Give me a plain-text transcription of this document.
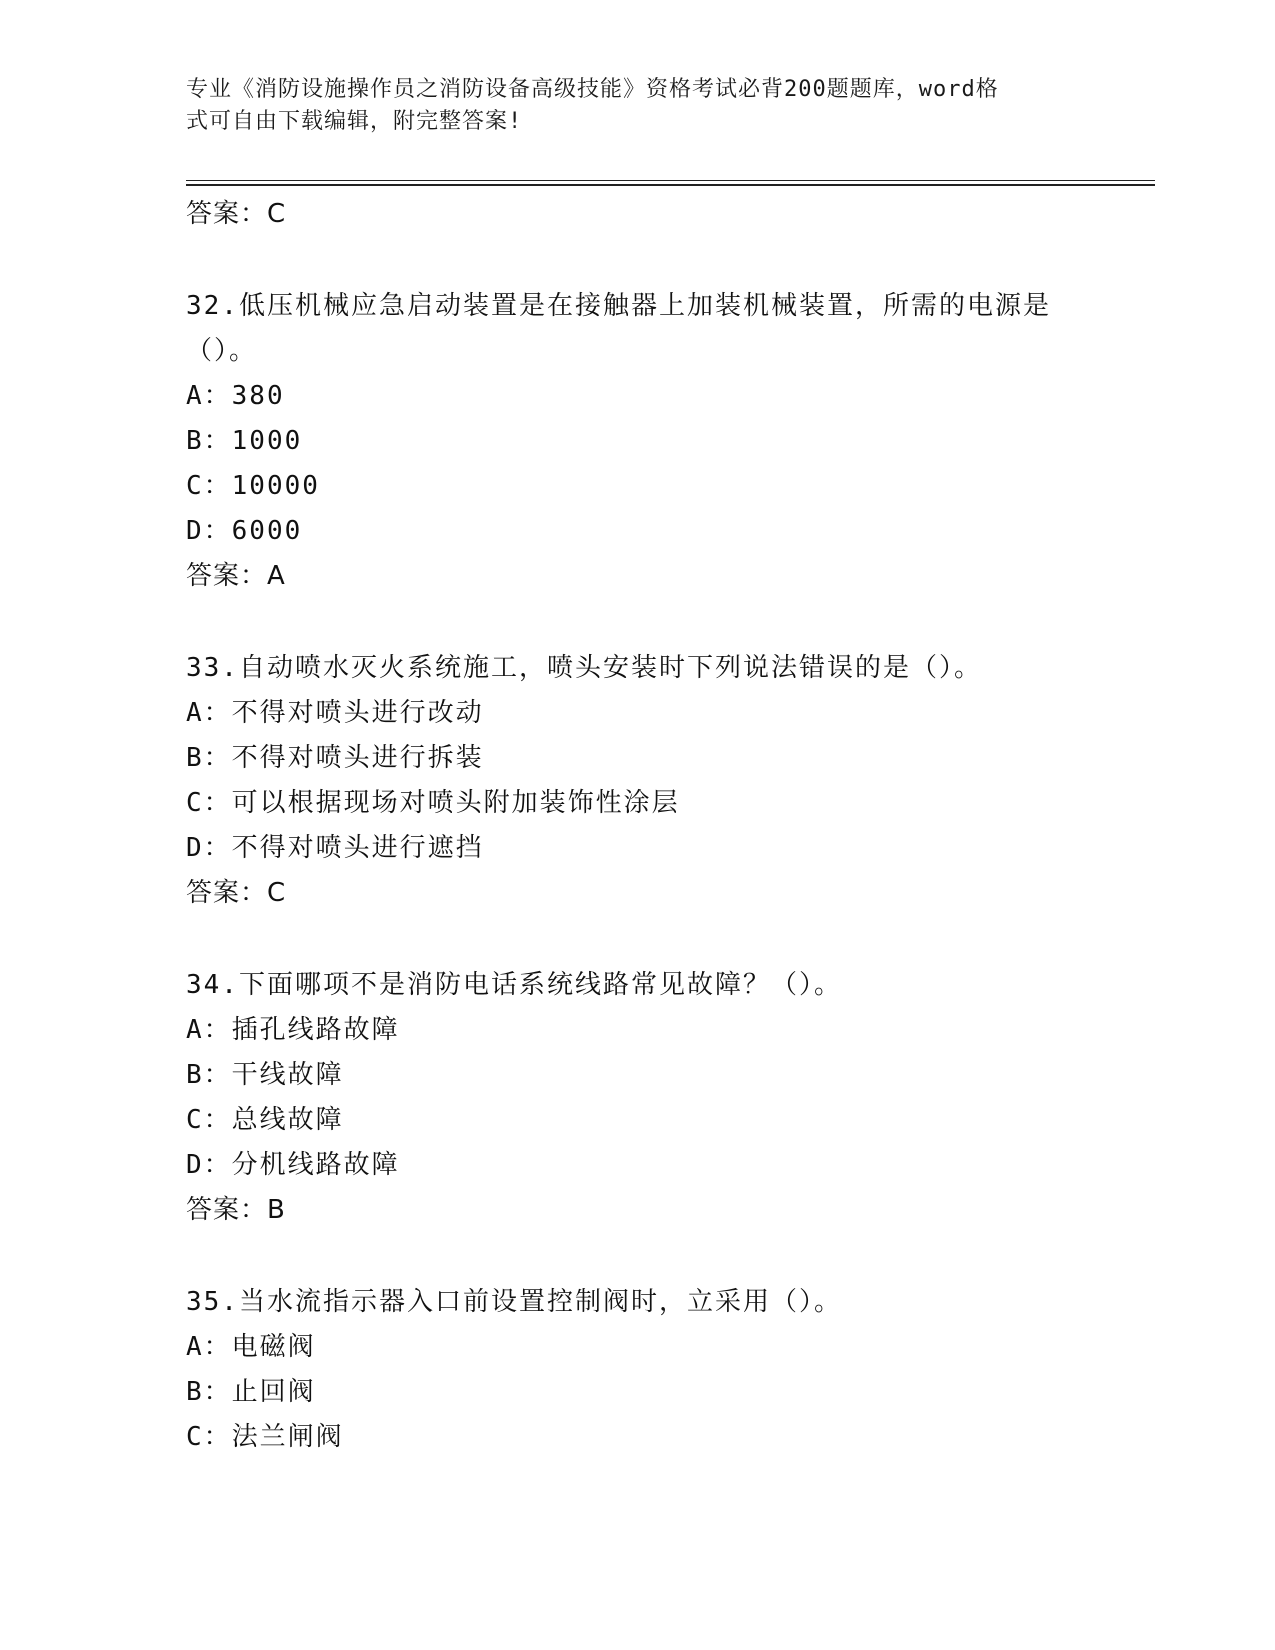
专业《消防设施操作员之消防设备高级技能》资格考试必背200题题库，word格
式可自由下载编辑，附完整答案!
答案：C
32.低压机械应急启动装置是在接触器上加装机械装置，所需的电源是
（）。
A：380
B：1000
C：10000
D：6000
答案：A
33.自动喷水灭火系统施工，喷头安装时下列说法错误的是（）。
A：不得对喷头进行改动
B：不得对喷头进行拆装
C：可以根据现场对喷头附加装饰性涂层
D：不得对喷头进行遮挡
答案：C
34.下面哪项不是消防电话系统线路常见故障？（）。
A：插孔线路故障
B：干线故障
C：总线故障
D：分机线路故障
答案：B
35.当水流指示器入口前设置控制阀时，立采用（）。
A：电磁阀
B：止回阀
C：法兰闸阀
